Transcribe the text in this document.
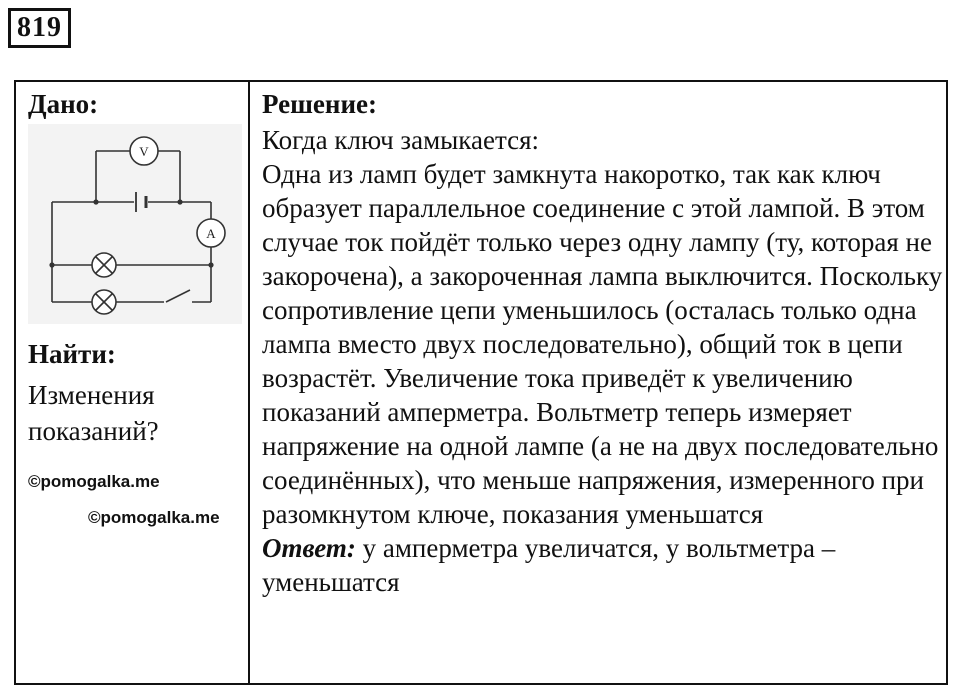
819
Дано:
V
A
Найти:
Изменения показаний?
©pomogalka.me
©pomogalka.me
Решение:
Когда ключ замыкается:
Одна из ламп будет замкнута накоротко, так как ключ образует параллельное соединение с этой лампой. В этом случае ток пойдёт только через одну лампу (ту, которая не закорочена), а закороченная лампа выключится. Поскольку сопротивление цепи уменьшилось (осталась только одна лампа вместо двух последовательно), общий ток в цепи возрастёт. Увеличение тока приведёт к увеличению показаний амперметра. Вольтметр теперь измеряет напряжение на одной лампе (а не на двух последовательно соединённых), что меньше напряжения, измеренного при разомкнутом ключе, показания уменьшатся
Ответ: у амперметра увеличатся, у вольтметра – уменьшатся
